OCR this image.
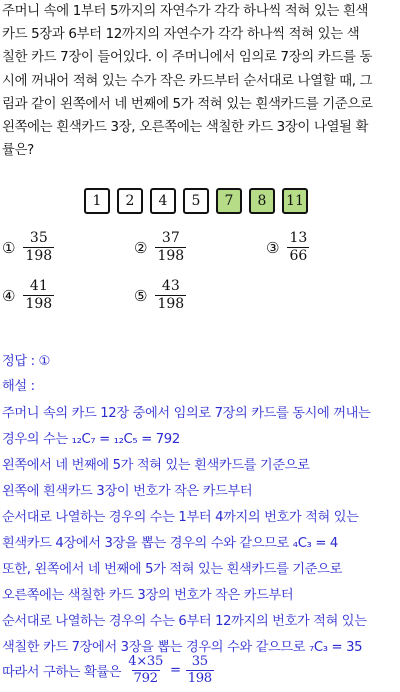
주머니 속에 1부터 5까지의 자연수가 각각 하나씩 적혀 있는 흰색
카드 5장과 6부터 12까지의 자연수가 각각 하나씩 적혀 있는 색
칠한 카드 7장이 들어있다. 이 주머니에서 임의로 7장의 카드를 동
시에 꺼내어 적혀 있는 수가 작은 카드부터 순서대로 나열할 때, 그
림과 같이 왼쪽에서 네 번째에 5가 적혀 있는 흰색카드를 기준으로
왼쪽에는 흰색카드 3장, 오른쪽에는 색칠한 카드 3장이 나열될 확
률은?
1	2	4	5	7	8	11
① $\frac{35}{198}$	② $\frac{37}{198}$	③ $\frac{13}{66}$
④ $\frac{41}{198}$	⑤ $\frac{43}{198}$
정답 : ①
해설 :
주머니 속의 카드 12장 중에서 임의로 7장의 카드를 동시에 꺼내는
경우의 수는 ₁₂C₇ = ₁₂C₅ = 792
왼쪽에서 네 번째에 5가 적혀 있는 흰색카드를 기준으로
왼쪽에 흰색카드 3장이 번호가 작은 카드부터
순서대로 나열하는 경우의 수는 1부터 4까지의 번호가 적혀 있는
흰색카드 4장에서 3장을 뽑는 경우의 수와 같으므로 ₄C₃ = 4
또한, 왼쪽에서 네 번째에 5가 적혀 있는 흰색카드를 기준으로
오른쪽에는 색칠한 카드 3장의 번호가 작은 카드부터
순서대로 나열하는 경우의 수는 6부터 12까지의 번호가 적혀 있는
색칠한 카드 7장에서 3장을 뽑는 경우의 수와 같으므로 ₇C₃ = 35
따라서 구하는 확률은 $\frac{4\times 35}{792} = \frac{35}{198}$
